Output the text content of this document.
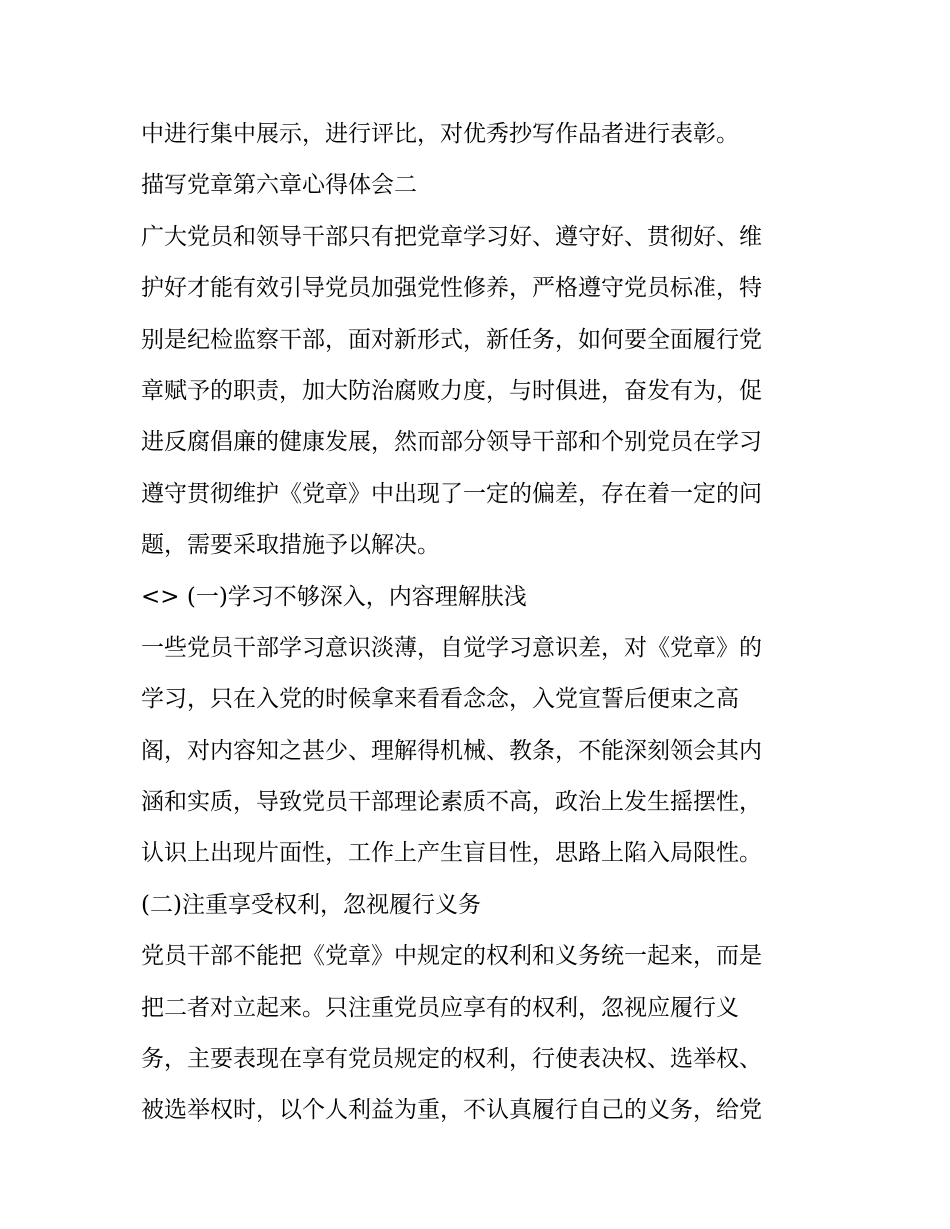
中进行集中展示，进行评比，对优秀抄写作品者进行表彰。
描写党章第六章心得体会二
广大党员和领导干部只有把党章学习好、遵守好、贯彻好、维
护好才能有效引导党员加强党性修养，严格遵守党员标准，特
别是纪检监察干部，面对新形式，新任务，如何要全面履行党
章赋予的职责，加大防治腐败力度，与时俱进，奋发有为，促
进反腐倡廉的健康发展，然而部分领导干部和个别党员在学习
遵守贯彻维护《党章》中出现了一定的偏差，存在着一定的问
题，需要采取措施予以解决。
<> (一)学习不够深入，内容理解肤浅
一些党员干部学习意识淡薄，自觉学习意识差，对《党章》的
学习，只在入党的时候拿来看看念念，入党宣誓后便束之高
阁，对内容知之甚少、理解得机械、教条，不能深刻领会其内
涵和实质，导致党员干部理论素质不高，政治上发生摇摆性，
认识上出现片面性，工作上产生盲目性，思路上陷入局限性。
(二)注重享受权利，忽视履行义务
党员干部不能把《党章》中规定的权利和义务统一起来，而是
把二者对立起来。只注重党员应享有的权利，忽视应履行义
务，主要表现在享有党员规定的权利，行使表决权、选举权、
被选举权时，以个人利益为重，不认真履行自己的义务，给党
